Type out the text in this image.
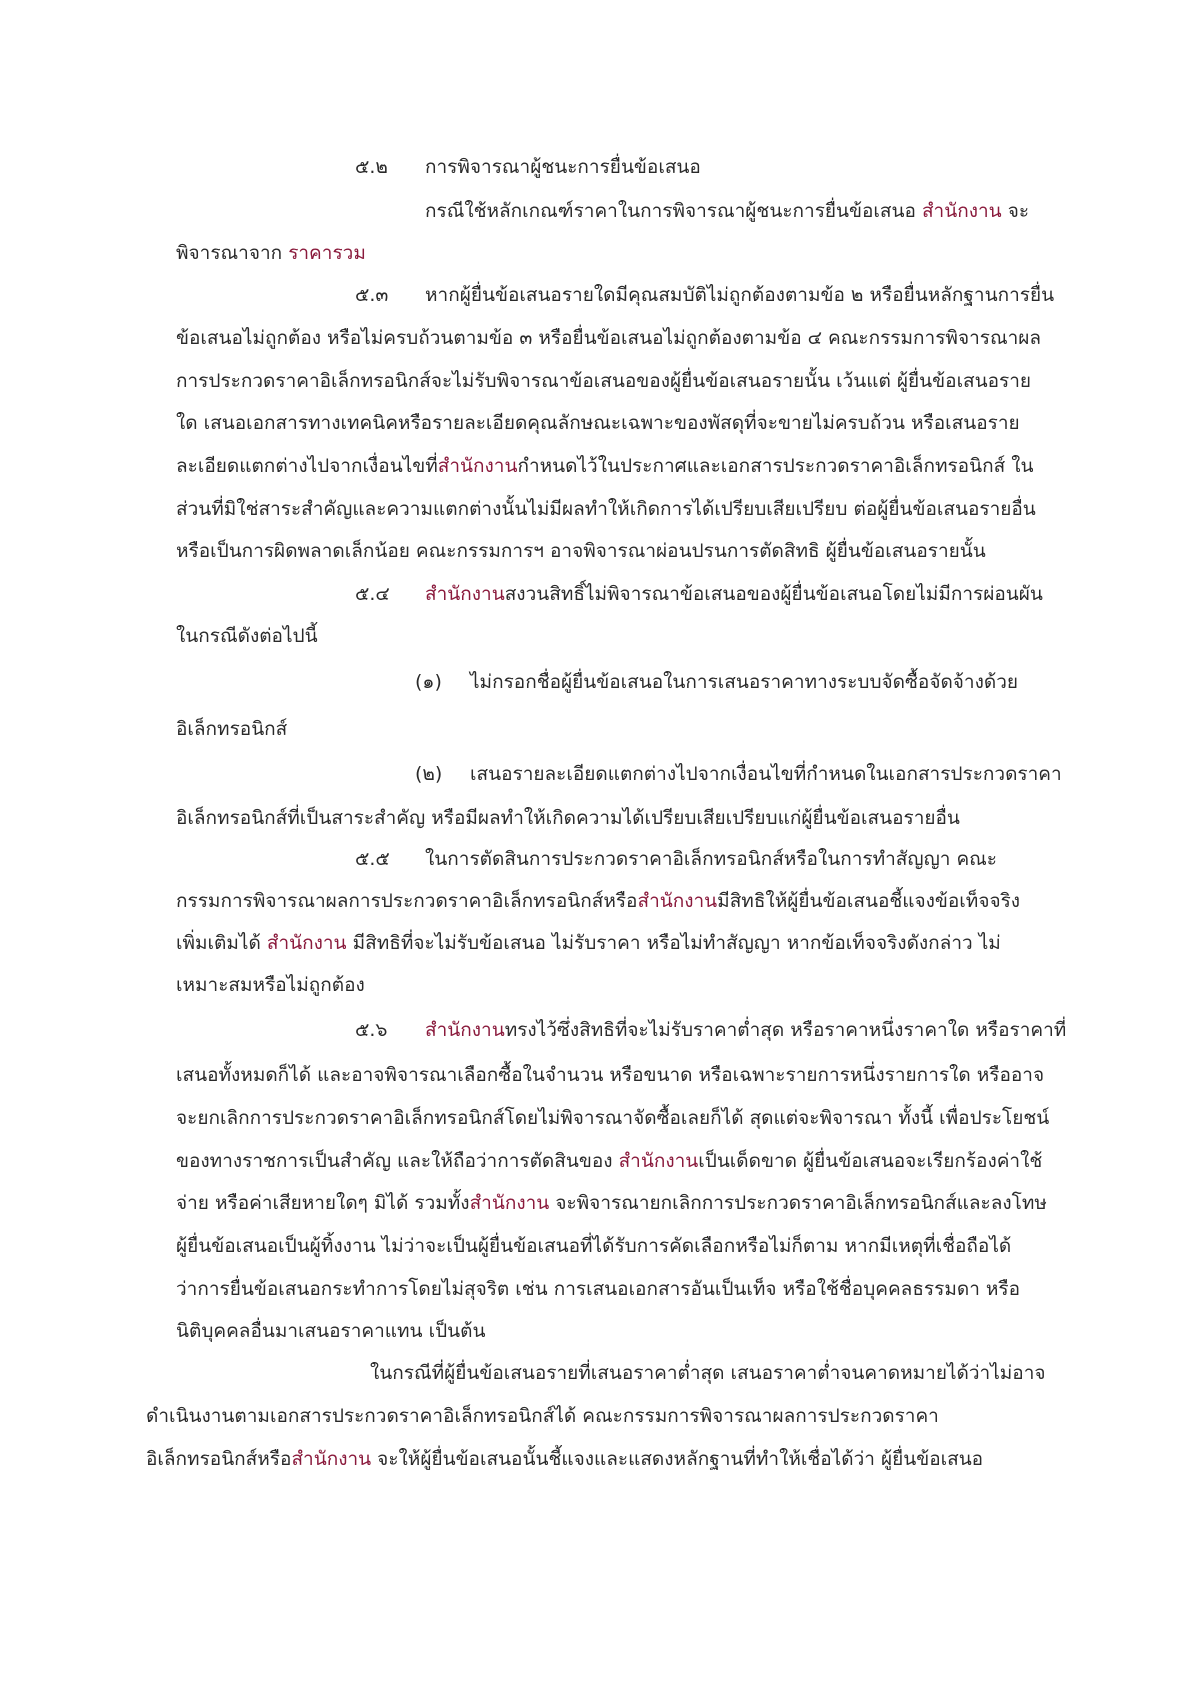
๕.๒ การพิจารณาผู้ชนะการยื่นข้อเสนอ

กรณีใช้หลักเกณฑ์ราคาในการพิจารณาผู้ชนะการยื่นข้อเสนอ สำนักงาน จะ

พิจารณาจาก ราคารวม

๕.๓ หากผู้ยื่นข้อเสนอรายใดมีคุณสมบัติไม่ถูกต้องตามข้อ ๒ หรือยื่นหลักฐานการยื่น

ข้อเสนอไม่ถูกต้อง หรือไม่ครบถ้วนตามข้อ ๓ หรือยื่นข้อเสนอไม่ถูกต้องตามข้อ ๔ คณะกรรมการพิจารณาผล

การประกวดราคาอิเล็กทรอนิกส์จะไม่รับพิจารณาข้อเสนอของผู้ยื่นข้อเสนอรายนั้น เว้นแต่ ผู้ยื่นข้อเสนอราย

ใด เสนอเอกสารทางเทคนิคหรือรายละเอียดคุณลักษณะเฉพาะของพัสดุที่จะขายไม่ครบถ้วน หรือเสนอราย

ละเอียดแตกต่างไปจากเงื่อนไขที่สำนักงานกำหนดไว้ในประกาศและเอกสารประกวดราคาอิเล็กทรอนิกส์ ใน

ส่วนที่มิใช่สาระสำคัญและความแตกต่างนั้นไม่มีผลทำให้เกิดการได้เปรียบเสียเปรียบ ต่อผู้ยื่นข้อเสนอรายอื่น

หรือเป็นการผิดพลาดเล็กน้อย คณะกรรมการฯ อาจพิจารณาผ่อนปรนการตัดสิทธิ ผู้ยื่นข้อเสนอรายนั้น

๕.๔ สำนักงานสงวนสิทธิ์ไม่พิจารณาข้อเสนอของผู้ยื่นข้อเสนอโดยไม่มีการผ่อนผัน

ในกรณีดังต่อไปนี้

(๑) ไม่กรอกชื่อผู้ยื่นข้อเสนอในการเสนอราคาทางระบบจัดซื้อจัดจ้างด้วย

อิเล็กทรอนิกส์

(๒) เสนอรายละเอียดแตกต่างไปจากเงื่อนไขที่กำหนดในเอกสารประกวดราคา

อิเล็กทรอนิกส์ที่เป็นสาระสำคัญ หรือมีผลทำให้เกิดความได้เปรียบเสียเปรียบแก่ผู้ยื่นข้อเสนอรายอื่น

๕.๕ ในการตัดสินการประกวดราคาอิเล็กทรอนิกส์หรือในการทำสัญญา คณะ

กรรมการพิจารณาผลการประกวดราคาอิเล็กทรอนิกส์หรือสำนักงานมีสิทธิให้ผู้ยื่นข้อเสนอชี้แจงข้อเท็จจริง

เพิ่มเติมได้ สำนักงาน มีสิทธิที่จะไม่รับข้อเสนอ ไม่รับราคา หรือไม่ทำสัญญา หากข้อเท็จจริงดังกล่าว ไม่

เหมาะสมหรือไม่ถูกต้อง

๕.๖ สำนักงานทรงไว้ซึ่งสิทธิที่จะไม่รับราคาต่ำสุด หรือราคาหนึ่งราคาใด หรือราคาที่

เสนอทั้งหมดก็ได้ และอาจพิจารณาเลือกซื้อในจำนวน หรือขนาด หรือเฉพาะรายการหนึ่งรายการใด หรืออาจ

จะยกเลิกการประกวดราคาอิเล็กทรอนิกส์โดยไม่พิจารณาจัดซื้อเลยก็ได้ สุดแต่จะพิจารณา ทั้งนี้ เพื่อประโยชน์

ของทางราชการเป็นสำคัญ และให้ถือว่าการตัดสินของ สำนักงานเป็นเด็ดขาด ผู้ยื่นข้อเสนอจะเรียกร้องค่าใช้

จ่าย หรือค่าเสียหายใดๆ มิได้ รวมทั้งสำนักงาน จะพิจารณายกเลิกการประกวดราคาอิเล็กทรอนิกส์และลงโทษ

ผู้ยื่นข้อเสนอเป็นผู้ทิ้งงาน ไม่ว่าจะเป็นผู้ยื่นข้อเสนอที่ได้รับการคัดเลือกหรือไม่ก็ตาม หากมีเหตุที่เชื่อถือได้

ว่าการยื่นข้อเสนอกระทำการโดยไม่สุจริต เช่น การเสนอเอกสารอันเป็นเท็จ หรือใช้ชื่อบุคคลธรรมดา หรือ

นิติบุคคลอื่นมาเสนอราคาแทน เป็นต้น

ในกรณีที่ผู้ยื่นข้อเสนอรายที่เสนอราคาต่ำสุด เสนอราคาต่ำจนคาดหมายได้ว่าไม่อาจ

ดำเนินงานตามเอกสารประกวดราคาอิเล็กทรอนิกส์ได้ คณะกรรมการพิจารณาผลการประกวดราคา

อิเล็กทรอนิกส์หรือสำนักงาน จะให้ผู้ยื่นข้อเสนอนั้นชี้แจงและแสดงหลักฐานที่ทำให้เชื่อได้ว่า ผู้ยื่นข้อเสนอ
